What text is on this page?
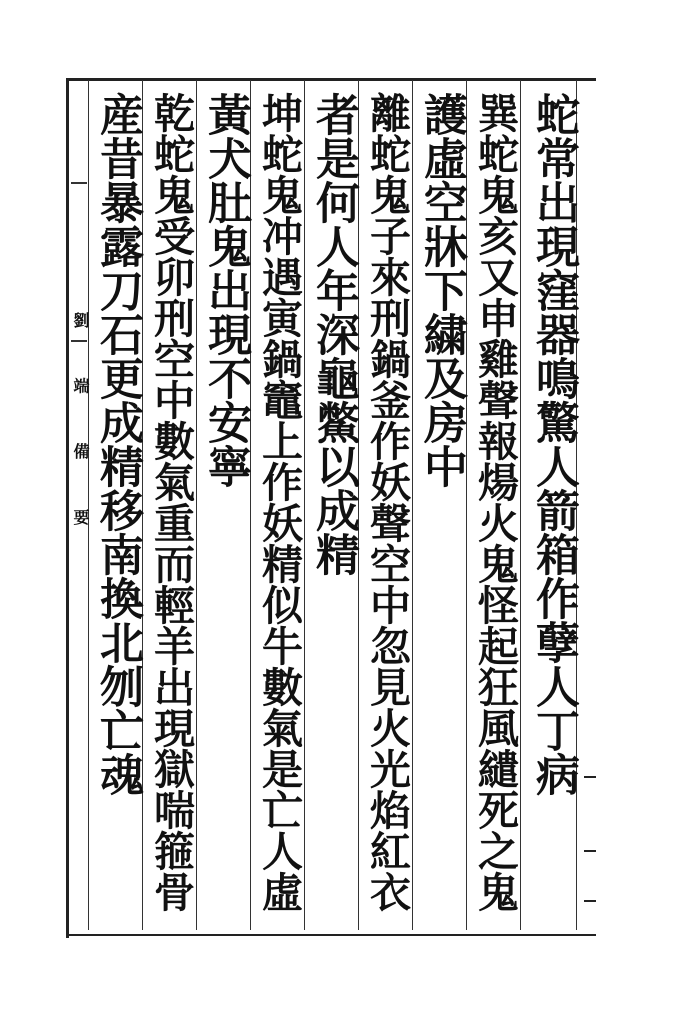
劉 端 備 要	蛇常出現窪器鳴驚人箭箱作孽人丁病
巽蛇鬼亥又申雞聲報煬火鬼怪起狂風繾死之鬼
護虛空牀下繍及房中
離蛇鬼子來刑鍋釜作妖聲空中忽見火光焰紅衣
者是何人年深龜鱉以成精
坤蛇鬼冲遇寅鍋竈上作妖精似牛數氣是亡人虛
黃犬肚鬼出現不安寧
乾蛇鬼受卯刑空中數氣重而輕羊出現獄喘箍骨
産昔暴露刀石更成精移南換北刎亡魂
